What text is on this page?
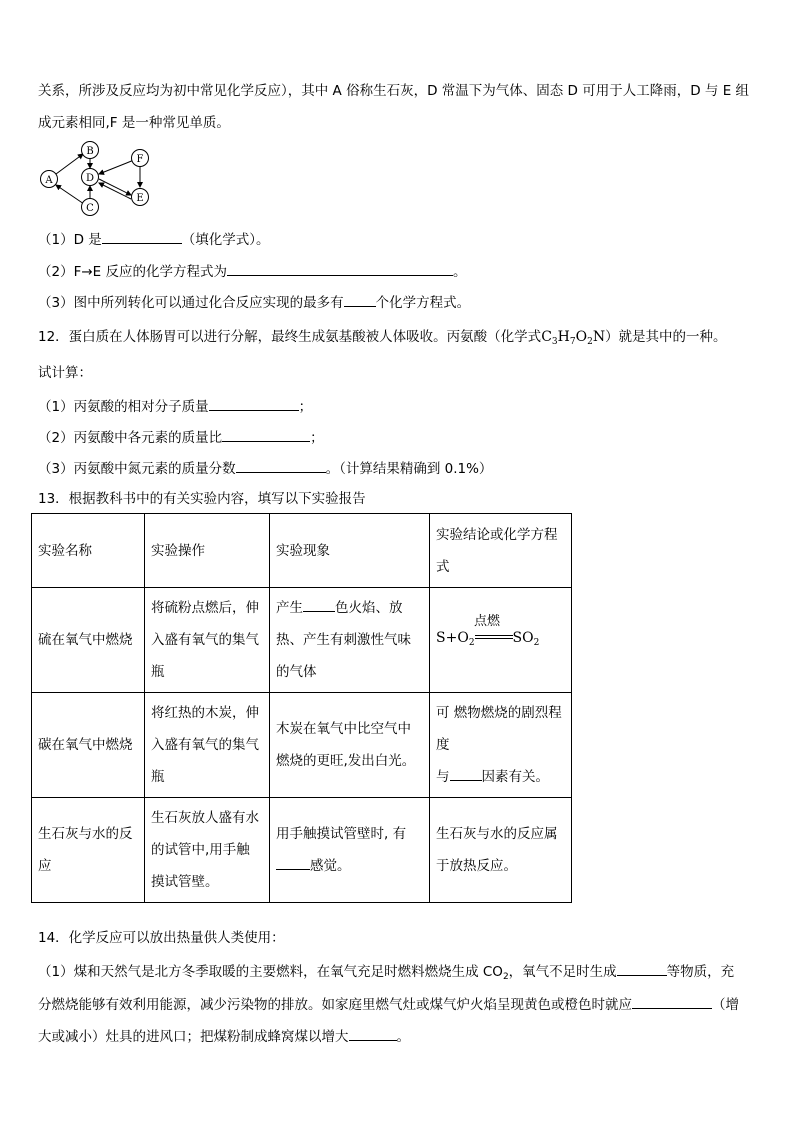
关系，所涉及反应均为初中常见化学反应），其中 A 俗称生石灰，D 常温下为气体、固态 D 可用于人工降雨，D 与 E 组
成元素相同,F 是一种常见单质。
A
B
C
D
E
F
（1）D 是	（填化学式）。
（2）F→E 反应的化学方程式为	。
（3）图中所列转化可以通过化合反应实现的最多有 个化学方程式。
12．蛋白质在人体肠胃可以进行分解，最终生成氨基酸被人体吸收。丙氨酸（化学式$C_3H_7O_2N$）就是其中的一种。
试计算：
（1）丙氨酸的相对分子质量	；
（2）丙氨酸中各元素的质量比	；
（3）丙氨酸中氮元素的质量分数	。（计算结果精确到 0.1%）
13．根据教科书中的有关实验内容，填写以下实验报告
实验名称	实验操作	实验现象	实验结论或化学方程式
硫在氧气中燃烧	将硫粉点燃后，伸入盛有氧气的集气瓶	产生 色火焰、放热、产生有刺激性气味的气体	$S+O_2$
点燃
$SO_2$
碳在氧气中燃烧	将红热的木炭，伸入盛有氧气的集气瓶	木炭在氧气中比空气中燃烧的更旺,发出白光。	可 燃物燃烧的剧烈程度
与 因素有关。
生石灰与水的反应	生石灰放人盛有水的试管中,用手触摸试管壁。	用手触摸试管壁时, 有
感觉。	生石灰与水的反应属于放热反应。
14．化学反应可以放出热量供人类使用：
（1）煤和天然气是北方冬季取暖的主要燃料，在氧气充足时燃料燃烧生成 $CO_2$，氧气不足时生成	等物质，充
分燃烧能够有效利用能源，减少污染物的排放。如家庭里燃气灶或煤气炉火焰呈现黄色或橙色时就应	（增
大或减小）灶具的进风口；把煤粉制成蜂窝煤以增大	。
